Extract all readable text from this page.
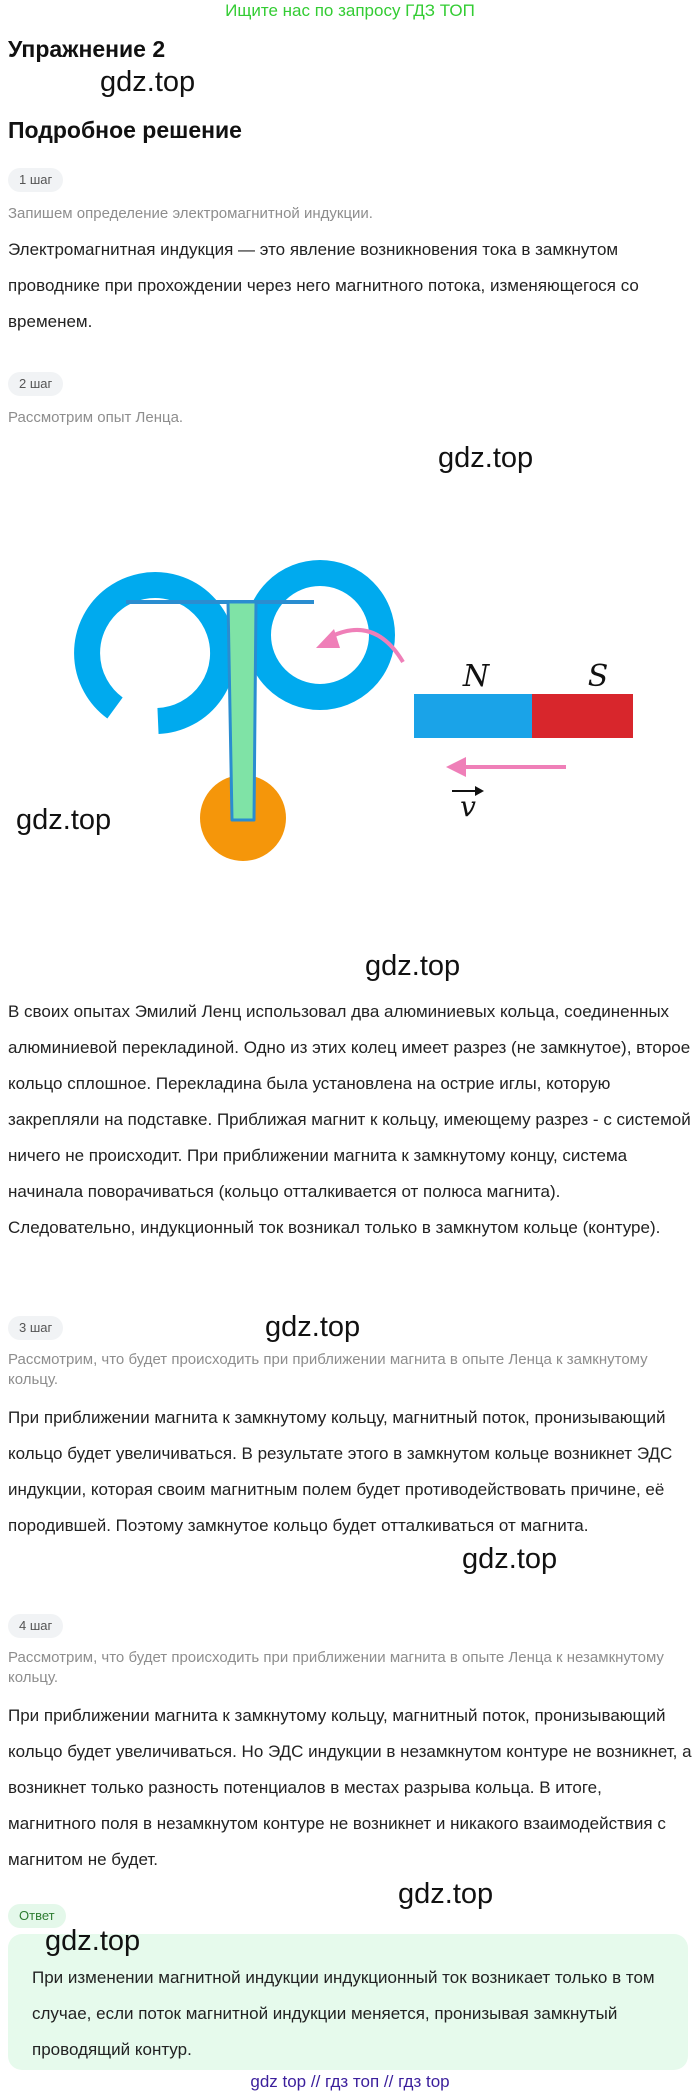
Ищите нас по запросу ГДЗ ТОП
Упражнение 2
gdz.top
Подробное решение
1 шаг
Запишем определение электромагнитной индукции.
Электромагнитная индукция — это явление возникновения тока в замкнутом проводнике при прохождении через него магнитного потока, изменяющегося со временем.
2 шаг
Рассмотрим опыт Ленца.
gdz.top
N	S
v
gdz.top
gdz.top
В своих опытах Эмилий Ленц использовал два алюминиевых кольца, соединенных алюминиевой перекладиной. Одно из этих колец имеет разрез (не замкнутое), второе кольцо сплошное. Перекладина была установлена на острие иглы, которую закрепляли на подставке. Приближая магнит к кольцу, имеющему разрез - с системой ничего не происходит. При приближении магнита к замкнутому концу, система начинала поворачиваться (кольцо отталкивается от полюса магнита). Следовательно, индукционный ток возникал только в замкнутом кольце (контуре).
3 шаг	gdz.top
Рассмотрим, что будет происходить при приближении магнита в опыте Ленца к замкнутому кольцу.
При приближении магнита к замкнутому кольцу, магнитный поток, пронизывающий кольцо будет увеличиваться. В результате этого в замкнутом кольце возникнет ЭДС индукции, которая своим магнитным полем будет противодействовать причине, её породившей. Поэтому замкнутое кольцо будет отталкиваться от магнита.
gdz.top
4 шаг
Рассмотрим, что будет происходить при приближении магнита в опыте Ленца к незамкнутому кольцу.
При приближении магнита к замкнутому кольцу, магнитный поток, пронизывающий кольцо будет увеличиваться. Но ЭДС индукции в незамкнутом контуре не возникнет, а возникнет только разность потенциалов в местах разрыва кольца. В итоге, магнитного поля в незамкнутом контуре не возникнет и никакого взаимодействия с магнитом не будет.
gdz.top
Ответ
gdz.top
При изменении магнитной индукции индукционный ток возникает только в том случае, если поток магнитной индукции меняется, пронизывая замкнутый проводящий контур.
gdz top // гдз топ // гдз top
